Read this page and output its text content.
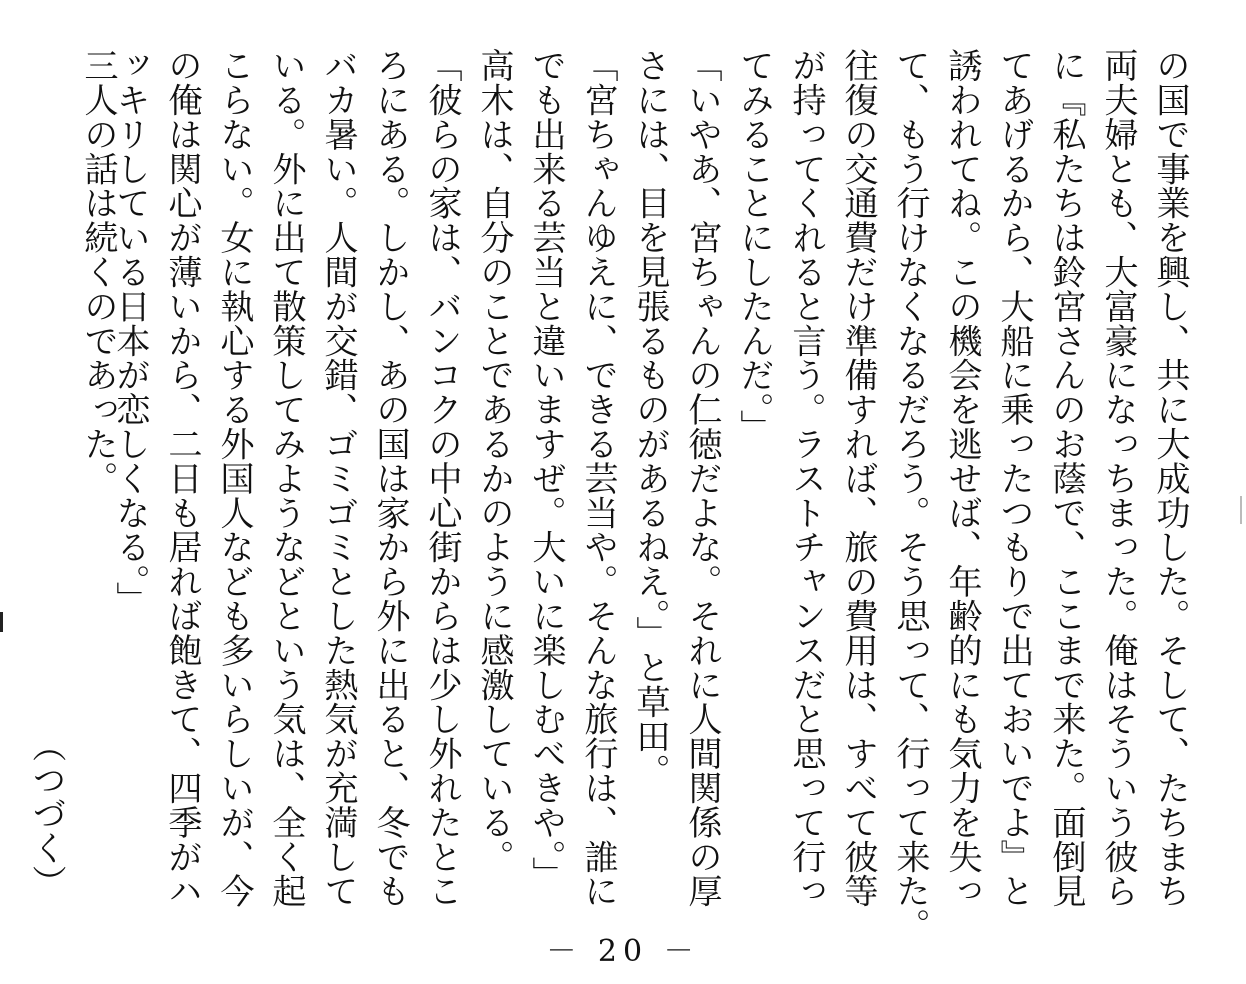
の国で事業を興し、共に大成功した。そして、たちまち
両夫婦とも、大富豪になっちまった。俺はそういう彼ら
に『私たちは鈴宮さんのお蔭で、ここまで来た。面倒見
てあげるから、大船に乗ったつもりで出ておいでよ』と
誘われてね。この機会を逃せば、年齢的にも気力を失っ
て、もう行けなくなるだろう。そう思って、行って来た。
往復の交通費だけ準備すれば、旅の費用は、すべて彼等
が持ってくれると言う。ラストチャンスだと思って行っ
てみることにしたんだ。」
「いやあ、宮ちゃんの仁徳だよな。それに人間関係の厚
さには、目を見張るものがあるねえ。」と草田。
「宮ちゃんゆえに、できる芸当や。そんな旅行は、誰に
でも出来る芸当と違いますぜ。大いに楽しむべきや。」
高木は、自分のことであるかのように感激している。
「彼らの家は、バンコクの中心街からは少し外れたとこ
ろにある。しかし、あの国は家から外に出ると、冬でも
バカ暑い。人間が交錯、ゴミゴミとした熱気が充満して
いる。外に出て散策してみようなどという気は、全く起
こらない。女に執心する外国人なども多いらしいが、今
の俺は関心が薄いから、二日も居れば飽きて、四季がハ
ッキリしている日本が恋しくなる。」
三人の話は続くのであった。
（つづく）
－ 20 －
